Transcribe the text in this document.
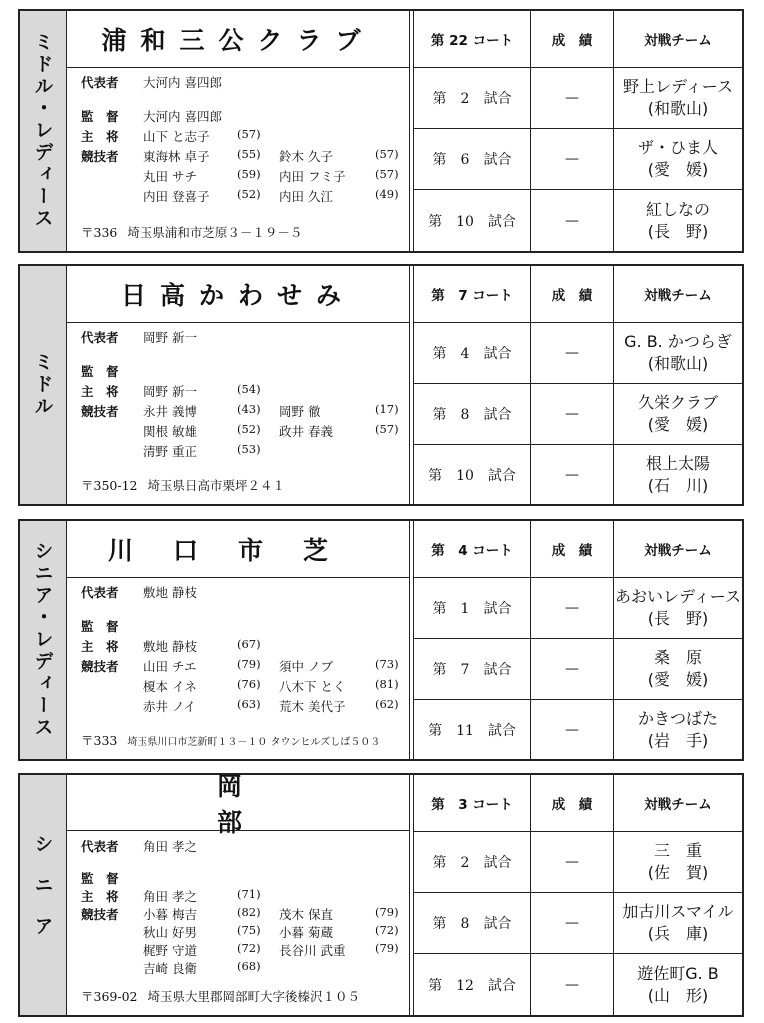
ミドル・レディース	浦和三公クラブ
代表者 大河内 喜四郎
監　督 大河内 喜四郎
主　将 山下 と志子 (57)
競技者 東海林 卓子 (55) 鈴木 久子	(57)
丸田 サチ	(59) 内田 フミ子	(57)
内田 登喜子 (52) 内田 久江	(49)
〒336 埼玉県浦和市芝原３－１９－５
第 22 コート	成　績	対戦チーム
第　2　試合	—
野上レディース
(和歌山)
第　6　試合	—
ザ・ひま人
(愛　媛)
第　10　試合	—
紅しなの
(長　野)
ミドル
日高かわせみ
代表者 岡野 新一
監　督
主　将 岡野 新一	(54)
競技者 永井 義博	(43) 岡野 徹	(17)
関根 敏雄	(52) 政井 春義	(57)
清野 重正	(53)
〒350-12 埼玉県日高市栗坪２４１
第　7 コート	成　績	対戦チーム
第　4　試合	—
G. B. かつらぎ
(和歌山)
第　8　試合	—
久栄クラブ
(愛　媛)
第　10　試合	—
根上太陽
(石　川)
シニア・レディース	川口市芝
代表者 敷地 静枝
監　督
主　将 敷地 静枝	(67)
競技者 山田 チエ	(79) 須中 ノブ	(73)
榎本 イネ	(76) 八木下 とく	(81)
赤井 ノイ	(63) 荒木 美代子	(62)
〒333 埼玉県川口市芝新町１３－１０ タウンヒルズしば５０３
第　4 コート	成　績	対戦チーム
第　1　試合	—
あおいレディース
(長　野)
第　7　試合	—
桑　原
(愛　媛)
第　11　試合	—
かきつばた
(岩　手)
シニア
岡部
代表者 角田 孝之
監　督
主　将 角田 孝之	(71)
競技者 小暮 梅吉	(82) 茂木 保直	(79)
秋山 好男	(75) 小暮 菊蔵	(72)
梶野 守道	(72) 長谷川 武重	(79)
吉崎 良衛	(68)
〒369-02 埼玉県大里郡岡部町大字後榛沢１０５
第　3 コート	成　績	対戦チーム
第　2　試合	—
三　重
(佐　賀)
第　8　試合	—
加古川スマイル
(兵　庫)
第　12　試合	—
遊佐町G. B
(山　形)
